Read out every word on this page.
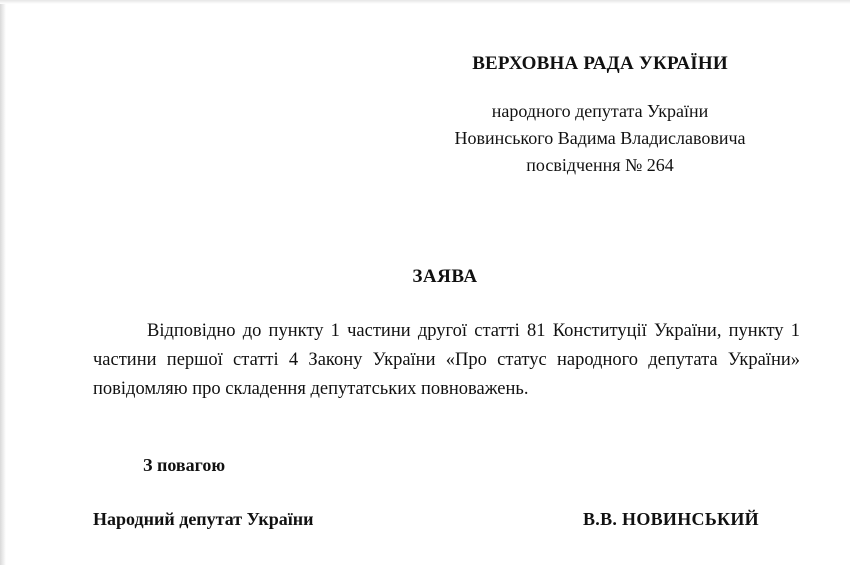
ВЕРХОВНА РАДА УКРАЇНИ
народного депутата України
Новинського Вадима Владиславовича
посвідчення № 264
ЗАЯВА
Відповідно до пункту 1 частини другої статті 81 Конституції України, пункту 1 частини першої статті 4 Закону України «Про статус народного депутата України» повідомляю про складення депутатських повноважень.
З повагою
Народний депутат України	В.В. НОВИНСЬКИЙ
